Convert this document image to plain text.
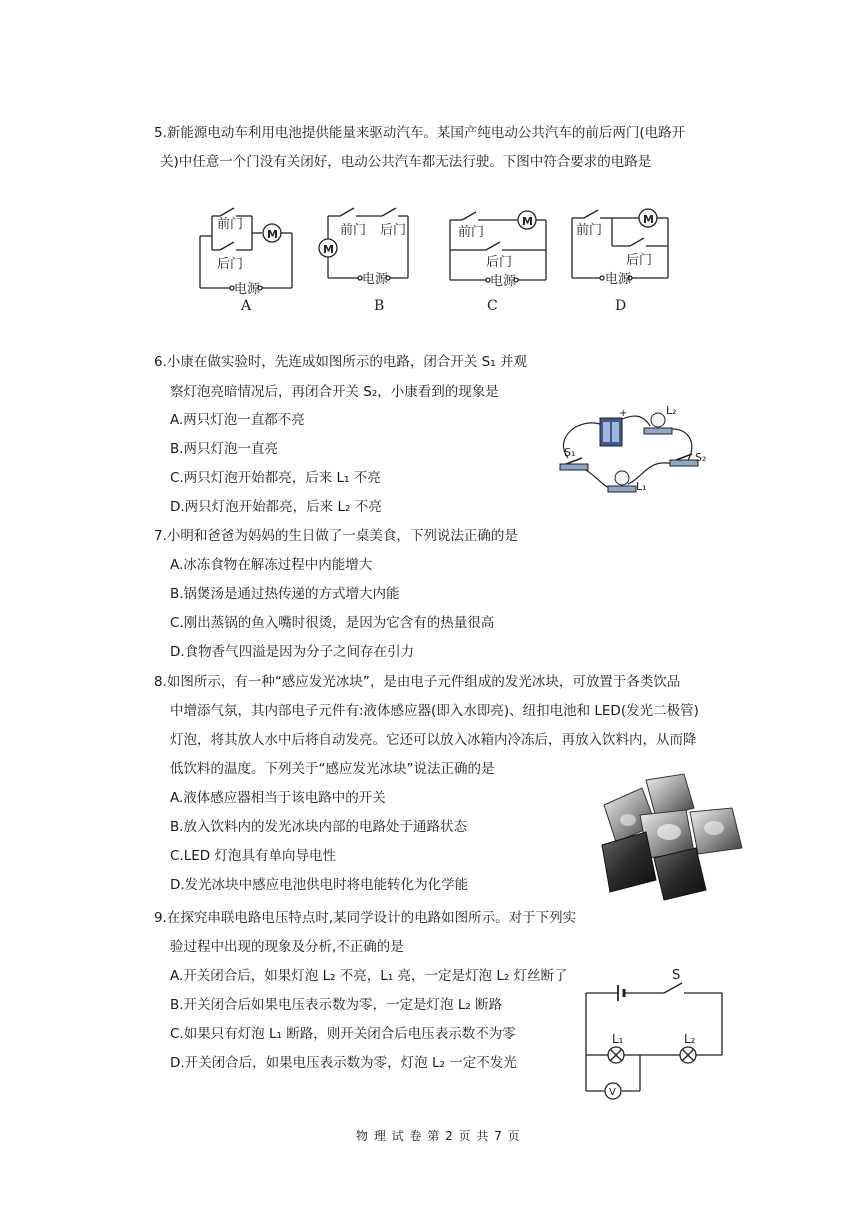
5.新能源电动车利用电池提供能量来驱动汽车。某国产纯电动公共汽车的前后两门(电路开
关)中任意一个门没有关闭好，电动公共汽车都无法行驶。下图中符合要求的电路是
前门
后门
M
电源
A
前门 后门
M
电源
B
前门
后门
M
电源
C
前门
后门
M
电源
D
6.小康在做实验时，先连成如图所示的电路，闭合开关 S₁ 并观
察灯泡亮暗情况后，再闭合开关 S₂，小康看到的现象是
A.两只灯泡一直都不亮
B.两只灯泡一直亮
C.两只灯泡开始都亮，后来 L₁ 不亮
D.两只灯泡开始都亮，后来 L₂ 不亮
+	L₂
S₁	S₂
L₁
7.小明和爸爸为妈妈的生日做了一桌美食，下列说法正确的是
A.冰冻食物在解冻过程中内能增大
B.锅煲汤是通过热传递的方式增大内能
C.刚出蒸锅的鱼入嘴时很烫，是因为它含有的热量很高
D.食物香气四溢是因为分子之间存在引力
8.如图所示，有一种“感应发光冰块”，是由电子元件组成的发光冰块，可放置于各类饮品
中增添气氛，其内部电子元件有:液体感应器(即入水即亮)、纽扣电池和 LED(发光二极管)
灯泡，将其放人水中后将自动发亮。它还可以放入冰箱内冷冻后，再放入饮料内，从而降
低饮料的温度。下列关于“感应发光冰块”说法正确的是
A.液体感应器相当于该电路中的开关
B.放入饮料内的发光冰块内部的电路处于通路状态
C.LED 灯泡具有单向导电性
D.发光冰块中感应电池供电时将电能转化为化学能
9.在探究串联电路电压特点时,某同学设计的电路如图所示。对于下列实
验过程中出现的现象及分析,不正确的是
A.开关闭合后，如果灯泡 L₂ 不亮，L₁ 亮，一定是灯泡 L₂ 灯丝断了
B.开关闭合后如果电压表示数为零，一定是灯泡 L₂ 断路
C.如果只有灯泡 L₁ 断路，则开关闭合后电压表示数不为零
D.开关闭合后，如果电压表示数为零，灯泡 L₂ 一定不发光
S
L₁	L₂
V
物 理 试 卷 第 2 页 共 7 页
